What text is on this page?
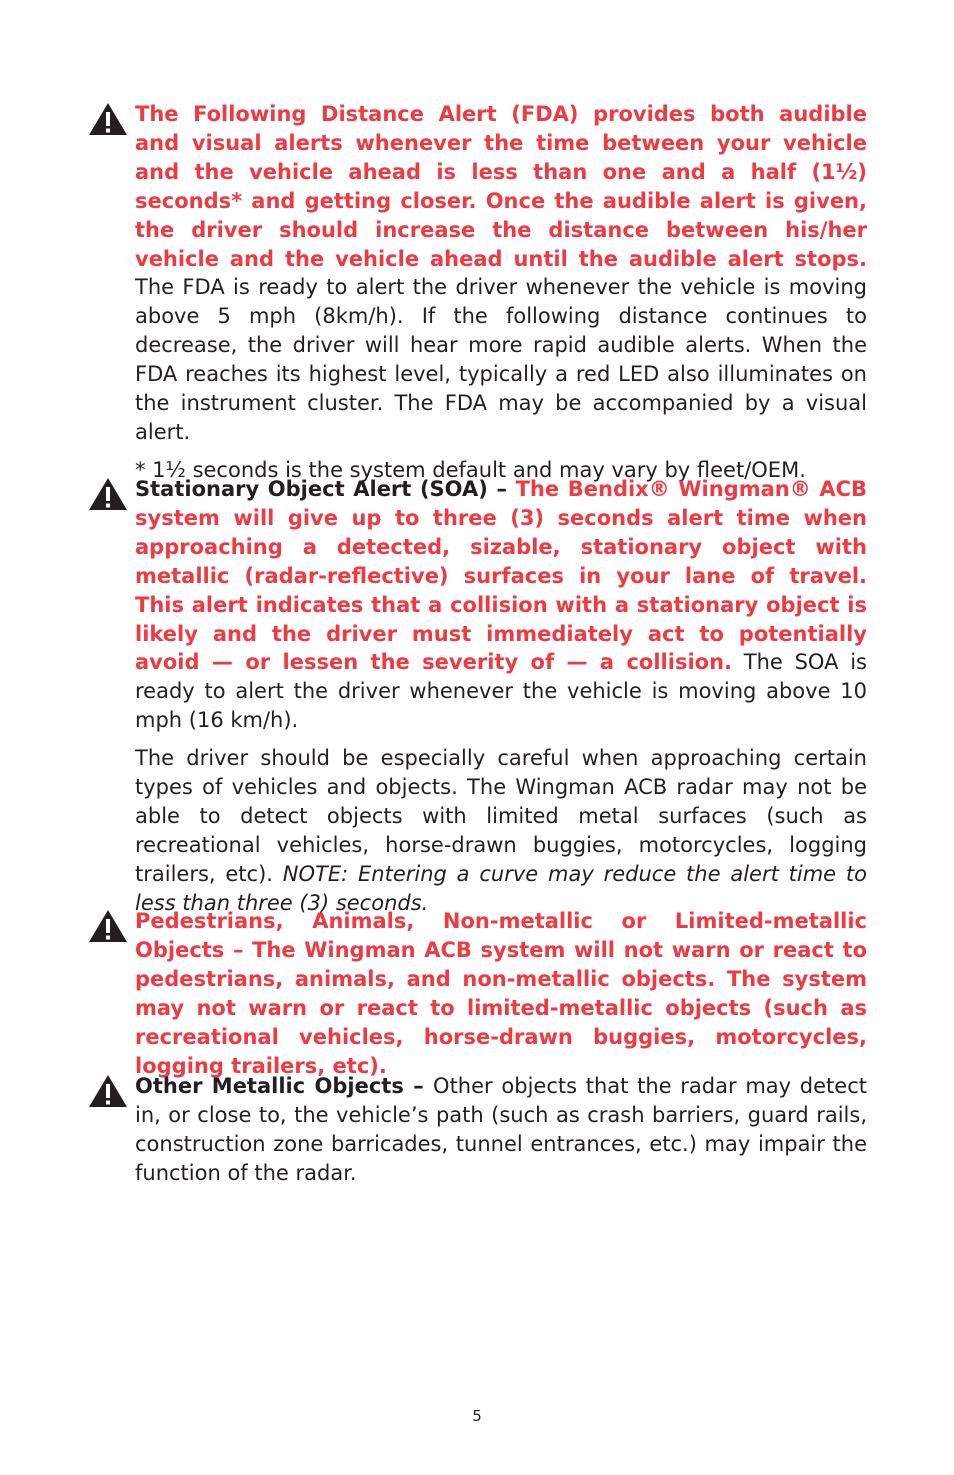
The Following Distance Alert (FDA) provides both audible and visual alerts whenever the time between your vehicle and the vehicle ahead is less than one and a half (1½) seconds* and getting closer. Once the audible alert is given, the driver should increase the distance between his/her vehicle and the vehicle ahead until the audible alert stops. The FDA is ready to alert the driver whenever the vehicle is moving above 5 mph (8km/h). If the following distance continues to decrease, the driver will hear more rapid audible alerts. When the FDA reaches its highest level, typically a red LED also illuminates on the instrument cluster. The FDA may be accompanied by a visual alert.

* 1½ seconds is the system default and may vary by fleet/OEM.

Stationary Object Alert (SOA) – The Bendix® Wingman® ACB system will give up to three (3) seconds alert time when approaching a detected, sizable, stationary object with metallic (radar-reflective) surfaces in your lane of travel. This alert indicates that a collision with a stationary object is likely and the driver must immediately act to potentially avoid — or lessen the severity of — a collision. The SOA is ready to alert the driver whenever the vehicle is moving above 10 mph (16 km/h).

The driver should be especially careful when approaching certain types of vehicles and objects. The Wingman ACB radar may not be able to detect objects with limited metal surfaces (such as recreational vehicles, horse-drawn buggies, motorcycles, logging trailers, etc). NOTE: Entering a curve may reduce the alert time to less than three (3) seconds.

Pedestrians, Animals, Non-metallic or Limited-metallic Objects – The Wingman ACB system will not warn or react to pedestrians, animals, and non-metallic objects. The system may not warn or react to limited-metallic objects (such as recreational vehicles, horse-drawn buggies, motorcycles, logging trailers, etc).

Other Metallic Objects – Other objects that the radar may detect in, or close to, the vehicle’s path (such as crash barriers, guard rails, construction zone barricades, tunnel entrances, etc.) may impair the function of the radar.

5
